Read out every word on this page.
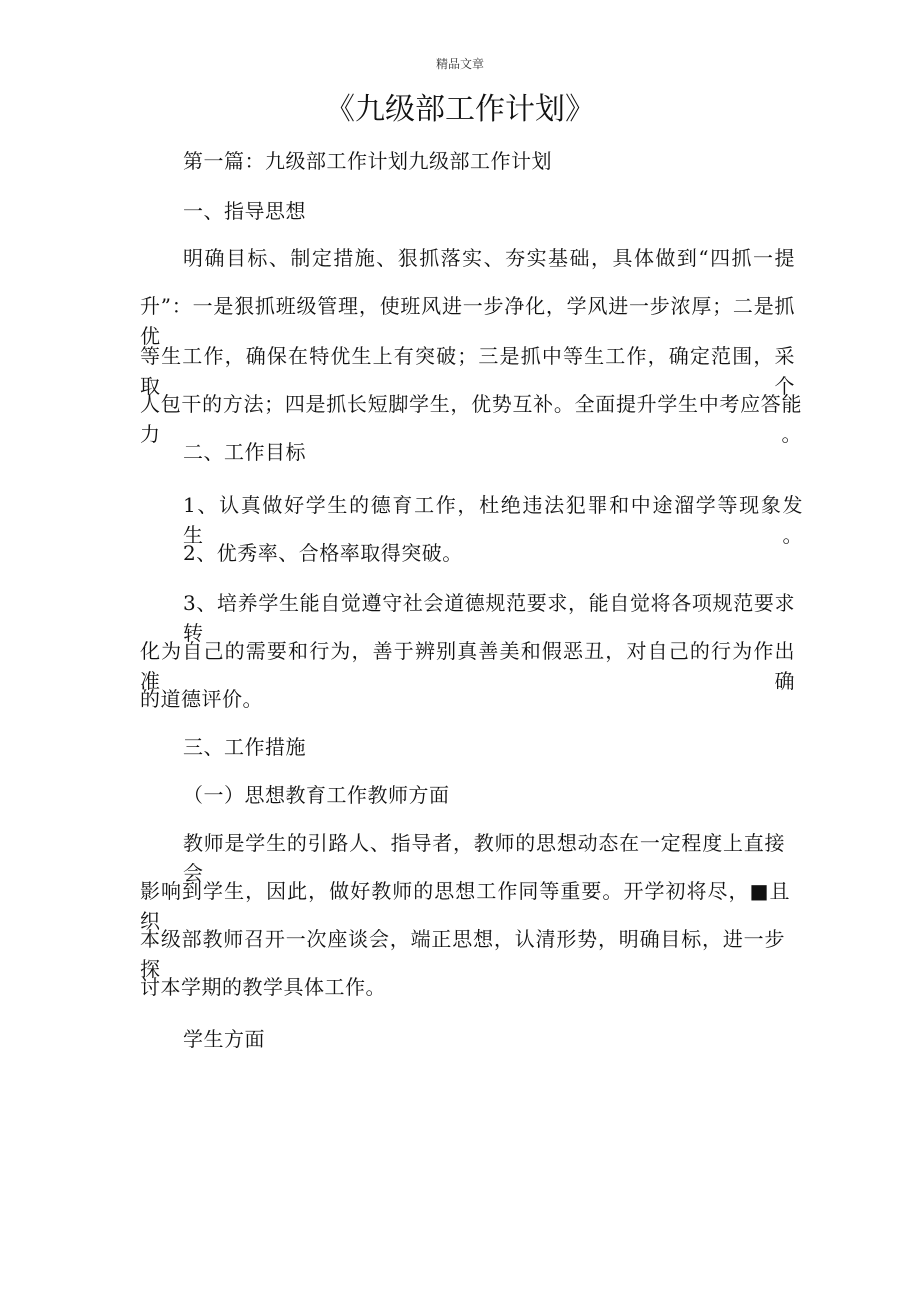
精品文章
《九级部工作计划》
第一篇：九级部工作计划九级部工作计划
一、指导思想
明确目标、制定措施、狠抓落实、夯实基础，具体做到“四抓一提
升”：一是狠抓班级管理，使班风进一步净化，学风进一步浓厚；二是抓优
等生工作，确保在特优生上有突破；三是抓中等生工作，确定范围，采取个
人包干的方法；四是抓长短脚学生，优势互补。全面提升学生中考应答能力。
二、工作目标
1、认真做好学生的德育工作，杜绝违法犯罪和中途溜学等现象发生。
2、优秀率、合格率取得突破。
3、培养学生能自觉遵守社会道德规范要求，能自觉将各项规范要求转
化为自己的需要和行为，善于辨别真善美和假恶丑，对自己的行为作出准确
的道德评价。
三、工作措施
（一）思想教育工作教师方面
教师是学生的引路人、指导者，教师的思想动态在一定程度上直接会
影响到学生，因此，做好教师的思想工作同等重要。开学初将尽，■且织
本级部教师召开一次座谈会，端正思想，认清形势，明确目标，进一步探
讨本学期的教学具体工作。
学生方面
